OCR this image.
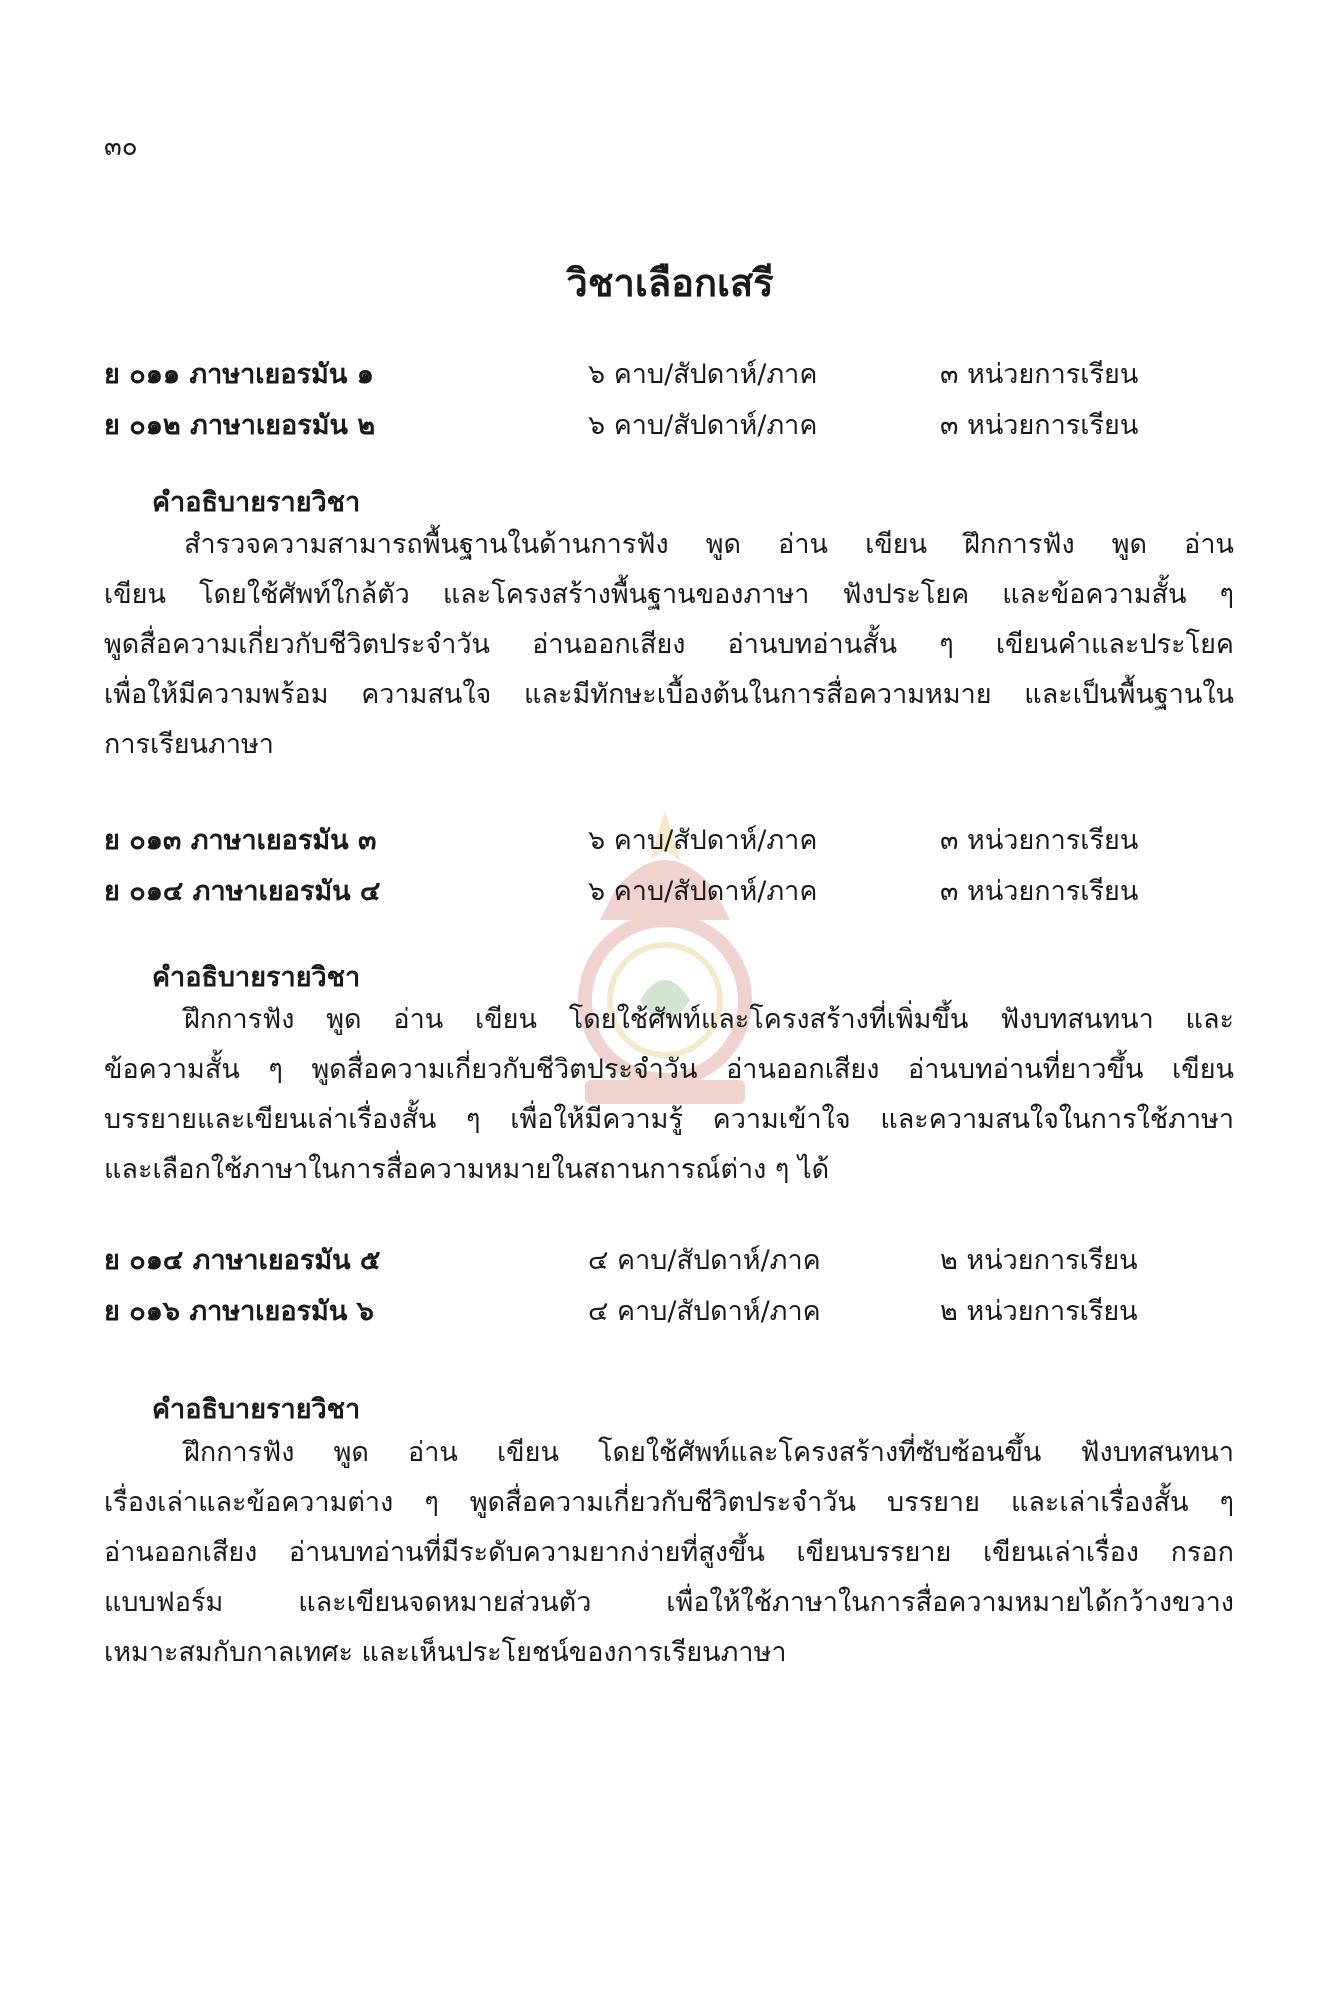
๓๐
วิชาเลือกเสรี
ย ๐๑๑ ภาษาเยอรมัน ๑	๖ คาบ/สัปดาห์/ภาค	๓ หน่วยการเรียน
ย ๐๑๒ ภาษาเยอรมัน ๒	๖ คาบ/สัปดาห์/ภาค	๓ หน่วยการเรียน
คำอธิบายรายวิชา
สำรวจความสามารถพื้นฐานในด้านการฟัง พูด อ่าน เขียน ฝึกการฟัง พูด อ่าน
เขียน โดยใช้ศัพท์ใกล้ตัว และโครงสร้างพื้นฐานของภาษา ฟังประโยค และข้อความสั้น ๆ
พูดสื่อความเกี่ยวกับชีวิตประจำวัน อ่านออกเสียง อ่านบทอ่านสั้น ๆ เขียนคำและประโยค
เพื่อให้มีความพร้อม ความสนใจ และมีทักษะเบื้องต้นในการสื่อความหมาย และเป็นพื้นฐานใน
การเรียนภาษา
ย ๐๑๓ ภาษาเยอรมัน ๓	๖ คาบ/สัปดาห์/ภาค	๓ หน่วยการเรียน
ย ๐๑๔ ภาษาเยอรมัน ๔	๖ คาบ/สัปดาห์/ภาค	๓ หน่วยการเรียน
คำอธิบายรายวิชา
ฝึกการฟัง พูด อ่าน เขียน โดยใช้ศัพท์และโครงสร้างที่เพิ่มขึ้น ฟังบทสนทนา และ
ข้อความสั้น ๆ พูดสื่อความเกี่ยวกับชีวิตประจำวัน อ่านออกเสียง อ่านบทอ่านที่ยาวขึ้น เขียน
บรรยายและเขียนเล่าเรื่องสั้น ๆ เพื่อให้มีความรู้ ความเข้าใจ และความสนใจในการใช้ภาษา
และเลือกใช้ภาษาในการสื่อความหมายในสถานการณ์ต่าง ๆ ได้
ย ๐๑๔ ภาษาเยอรมัน ๕	๔ คาบ/สัปดาห์/ภาค	๒ หน่วยการเรียน
ย ๐๑๖ ภาษาเยอรมัน ๖	๔ คาบ/สัปดาห์/ภาค	๒ หน่วยการเรียน
คำอธิบายรายวิชา
ฝึกการฟัง พูด อ่าน เขียน โดยใช้ศัพท์และโครงสร้างที่ซับซ้อนขึ้น ฟังบทสนทนา
เรื่องเล่าและข้อความต่าง ๆ พูดสื่อความเกี่ยวกับชีวิตประจำวัน บรรยาย และเล่าเรื่องสั้น ๆ
อ่านออกเสียง อ่านบทอ่านที่มีระดับความยากง่ายที่สูงขึ้น เขียนบรรยาย เขียนเล่าเรื่อง กรอก
แบบฟอร์ม และเขียนจดหมายส่วนตัว เพื่อให้ใช้ภาษาในการสื่อความหมายได้กว้างขวาง
เหมาะสมกับกาลเทศะ และเห็นประโยชน์ของการเรียนภาษา
